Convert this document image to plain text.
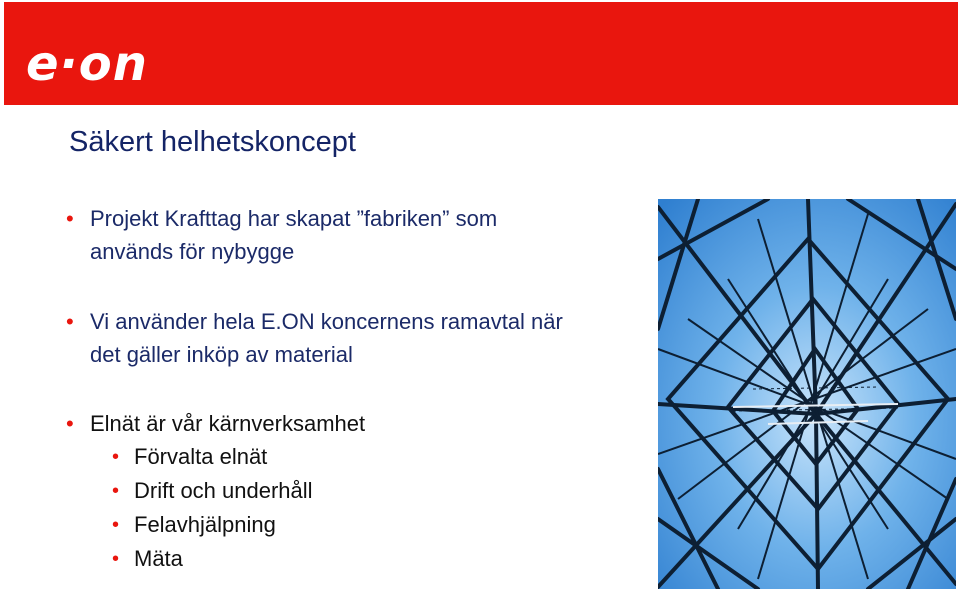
e·on
Säkert helhetskoncept
• Projekt Krafttag har skapat ”fabriken” som
används för nybygge
• Vi använder hela E.ON koncernens ramavtal när
det gäller inköp av material
• Elnät är vår kärnverksamhet
• Förvalta elnät
• Drift och underhåll
• Felavhjälpning
• Mäta
